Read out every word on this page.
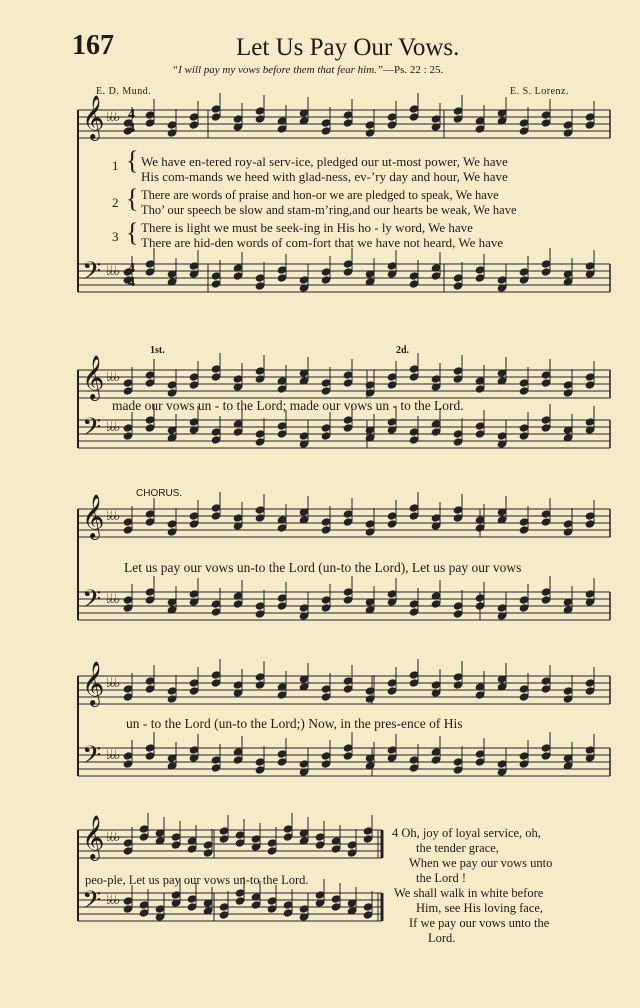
167	Let Us Pay Our Vows.
“I will pay my vows before them that fear him.”—Ps. 22 : 25.
E. D. Mund.	E. S. Lorenz.
𝄞 ♭♭♭
𝄢 ♭♭♭
4
4
4
4
𝄞 ♭♭♭
𝄢 ♭♭♭
𝄞 ♭♭♭
𝄢 ♭♭♭
𝄞 ♭♭♭
𝄢 ♭♭♭
𝄞 ♭♭♭
𝄢 ♭♭♭
1 { We have en-tered roy-al serv-ice, pledged our ut-most power, We have
His com-mands we heed with glad-ness, ev-’ry day and hour, We have
2 { There are words of praise and hon-or we are pledged to speak, We have
Tho’ our speech be slow and stam-m’ring,and our hearts be weak, We have
3 { There is light we must be seek-ing in His ho - ly word, We have
There are hid-den words of com-fort that we have not heard, We have
1st.	2d.
made our vows un - to the Lord; made our vows un - to the Lord.
CHORUS.
Let us pay our vows un-to the Lord (un-to the Lord), Let us pay our vows
un - to the Lord (un-to the Lord;) Now, in the pres-ence of His
peo-ple, Let us pay our vows un-to the Lord.
4 Oh, joy of loyal service, oh,
the tender grace,
When we pay our vows unto
the Lord !
We shall walk in white before
Him, see His loving face,
If we pay our vows unto the
Lord.
